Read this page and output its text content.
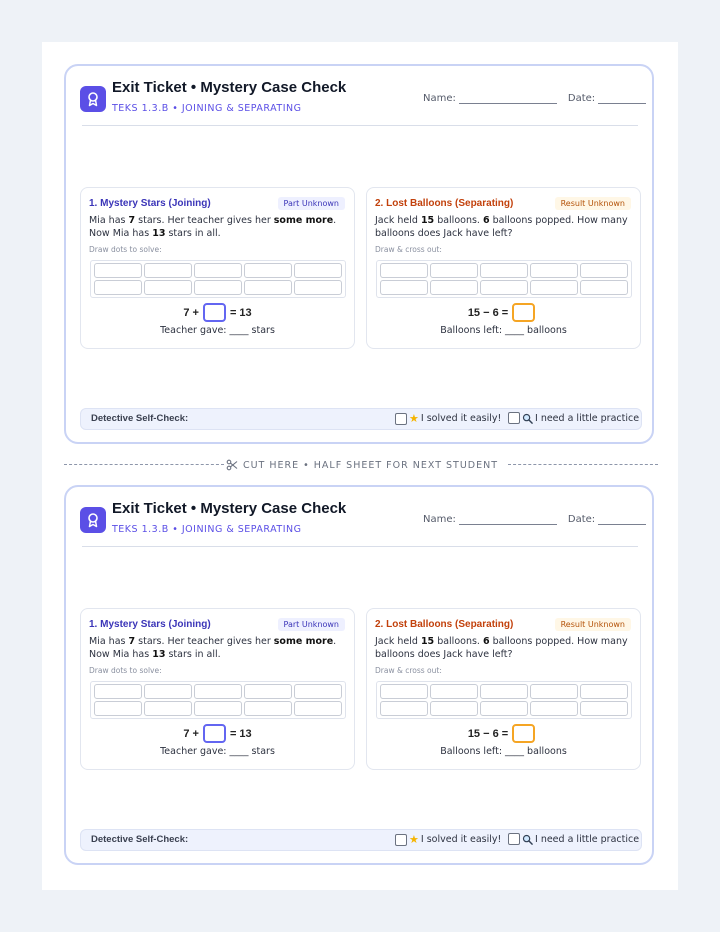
Exit Ticket • Mystery Case Check
TEKS 1.3.B • JOINING & SEPARATING
Name:	Date:
1. Mystery Stars (Joining)	Part Unknown
Mia has 7 stars. Her teacher gives her some more. Now Mia has 13 stars in all.
Draw dots to solve:
7 +	= 13
Teacher gave: ____ stars
2. Lost Balloons (Separating)	Result Unknown
Jack held 15 balloons. 6 balloons popped. How many balloons does Jack have left?
Draw & cross out:
15 − 6 =
Balloons left: ____ balloons
Detective Self-Check:	★ I solved it easily!	I need a little practice
CUT HERE • HALF SHEET FOR NEXT STUDENT
Exit Ticket • Mystery Case Check
TEKS 1.3.B • JOINING & SEPARATING
Name:	Date:
1. Mystery Stars (Joining)	Part Unknown
Mia has 7 stars. Her teacher gives her some more. Now Mia has 13 stars in all.
Draw dots to solve:
7 +	= 13
Teacher gave: ____ stars
2. Lost Balloons (Separating)	Result Unknown
Jack held 15 balloons. 6 balloons popped. How many balloons does Jack have left?
Draw & cross out:
15 − 6 =
Balloons left: ____ balloons
Detective Self-Check:	★ I solved it easily!	I need a little practice
